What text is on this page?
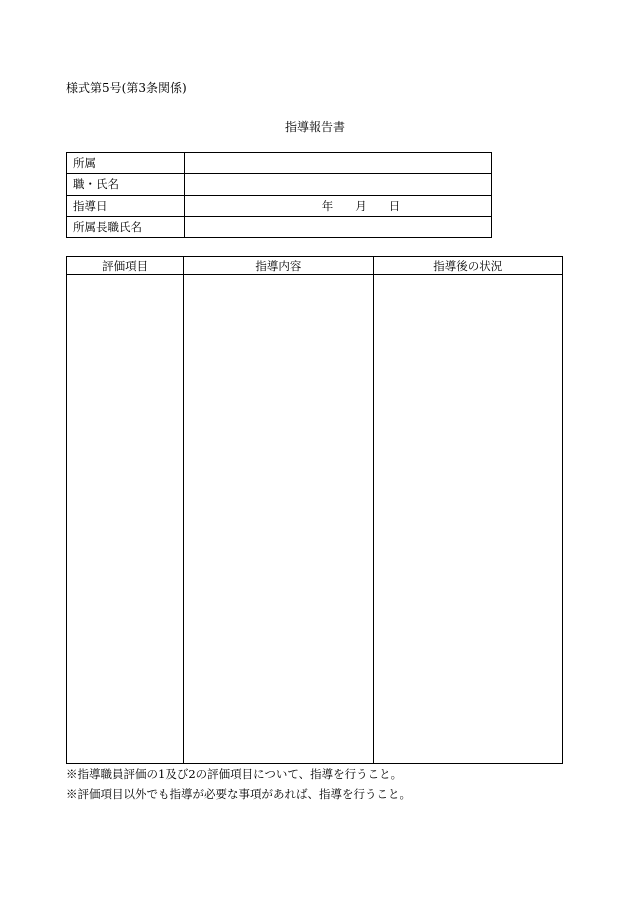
様式第5号(第3条関係)
指導報告書
所属	
職・氏名	
指導日	年 月 日

所属長職氏名	
評価項目	指導内容	指導後の状況

※指導職員評価の1及び2の評価項目について、指導を行うこと。
※評価項目以外でも指導が必要な事項があれば、指導を行うこと。
